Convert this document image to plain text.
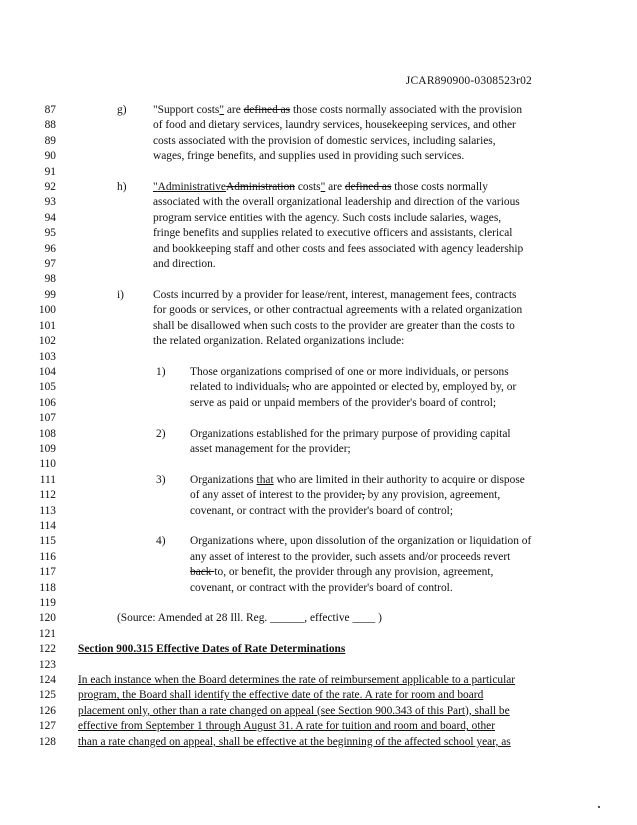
JCAR890900-0308523r02
87	g) "Support costs" are defined as those costs normally associated with the provision
88	of food and dietary services, laundry services, housekeeping services, and other
89	costs associated with the provision of domestic services, including salaries,
90	wages, fringe benefits, and supplies used in providing such services.
91
92	h) "AdministrativeAdministration costs" are defined as those costs normally
93	associated with the overall organizational leadership and direction of the various
94	program service entities with the agency. Such costs include salaries, wages,
95	fringe benefits and supplies related to executive officers and assistants, clerical
96	and bookkeeping staff and other costs and fees associated with agency leadership
97	and direction.
98
99	i)	Costs incurred by a provider for lease/rent, interest, management fees, contracts
100	for goods or services, or other contractual agreements with a related organization
101	shall be disallowed when such costs to the provider are greater than the costs to
102	the related organization. Related organizations include:
103
104	1) Those organizations comprised of one or more individuals, or persons
105	related to individuals, who are appointed or elected by, employed by, or
106	serve as paid or unpaid members of the provider's board of control;
107
108	2) Organizations established for the primary purpose of providing capital
109	asset management for the provider;
110
111	3) Organizations that who are limited in their authority to acquire or dispose
112	of any asset of interest to the provider, by any provision, agreement,
113	covenant, or contract with the provider's board of control;
114
115	4) Organizations where, upon dissolution of the organization or liquidation of
116	any asset of interest to the provider, such assets and/or proceeds revert
117	back to, or benefit, the provider through any provision, agreement,
118	covenant, or contract with the provider's board of control.
119
120	(Source: Amended at 28 Ill. Reg. ______, effective ____ )
121
122 Section 900.315 Effective Dates of Rate Determinations
123
124 In each instance when the Board determines the rate of reimbursement applicable to a particular
125 program, the Board shall identify the effective date of the rate. A rate for room and board
126 placement only, other than a rate changed on appeal (see Section 900.343 of this Part), shall be
127 effective from September 1 through August 31. A rate for tuition and room and board, other
128 than a rate changed on appeal, shall be effective at the beginning of the affected school year, as
